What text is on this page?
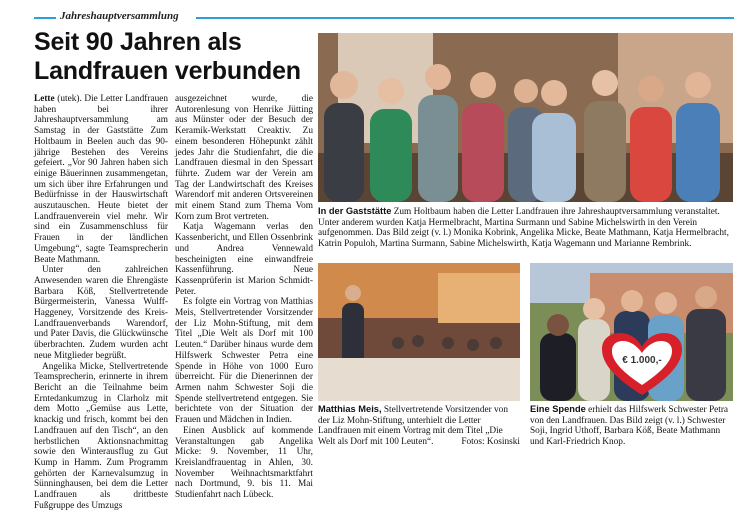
Jahreshauptversammlung
Seit 90 Jahren als
Landfrauen verbunden

Lette (utek). Die Letter Landfrauen haben bei ihrer Jahreshauptversammlung am Samstag in der Gaststätte Zum Holtbaum in Beelen auch das 90-jährige Bestehen des Vereins gefeiert. „Vor 90 Jahren haben sich einige Bäuerinnen zusammengetan, um sich über ihre Erfahrungen und Bedürfnisse in der Hauswirtschaft auszutauschen. Heute bietet der Landfrauenverein viel mehr. Wir sind ein Zusammenschluss für Frauen in der ländlichen Umgebung“, sagte Teamsprecherin Beate Mathmann.

Unter den zahlreichen Anwesenden waren die Ehrengäste Barbara Köß, Stellvertretende Bürgermeisterin, Vanessa Wulff-Haggeney, Vorsitzende des Kreis-Landfrauenverbands Warendorf, und Pater Davis, die Glückwünsche überbrachten. Zudem wurden acht neue Mitglieder begrüßt.

Angelika Micke, Stellvertretende Teamsprecherin, erinnerte in ihrem Bericht an die Teilnahme beim Erntedankumzug in Clarholz mit dem Motto „Gemüse aus Lette, knackig und frisch, kommt bei den Landfrauen auf den Tisch“, an den herbstlichen Aktionsnachmittag sowie den Winterausflug zu Gut Kump in Hamm. Zum Programm gehörten der Karnevalsumzug in Sünninghausen, bei dem die Letter Landfrauen als drittbeste Fußgruppe des Umzugs

ausgezeichnet wurde, die Autorenlesung von Henrike Jütting aus Münster oder der Besuch der Keramik-Werkstatt Creaktiv. Zu einem besonderen Höhepunkt zählt jedes Jahr die Studienfahrt, die die Landfrauen diesmal in den Spessart führte. Zudem war der Verein am Tag der Landwirtschaft des Kreises Warendorf mit anderen Ortsvereinen mit einem Stand zum Thema Vom Korn zum Brot vertreten.

Katja Wagemann verlas den Kassenbericht, und Ellen Ossenbrink und Andrea Vennewald bescheinigten eine einwandfreie Kassenführung. Neue Kassenprüferin ist Marion Schmidt-Peter.

Es folgte ein Vortrag von Matthias Meis, Stellvertretender Vorsitzender der Liz Mohn-Stiftung, mit dem Titel „Die Welt als Dorf mit 100 Leuten.“ Darüber hinaus wurde dem Hilfswerk Schwester Petra eine Spende in Höhe von 1000 Euro überreicht. Für die Dienerinnen der Armen nahm Schwester Soji die Spende stellvertretend entgegen. Sie berichtete von der Situation der Frauen und Mädchen in Indien.

Einen Ausblick auf kommende Veranstaltungen gab Angelika Micke: 9. November, 11 Uhr, Kreislandfrauentag in Ahlen, 30. November Weihnachtsmarktfahrt nach Dortmund, 9. bis 11. Mai Studienfahrt nach Lübeck.

In der Gaststätte Zum Holtbaum haben die Letter Landfrauen ihre Jahreshauptversammlung veranstaltet. Unter anderem wurden Katja Hermelbracht, Martina Surmann und Sabine Michelswirth in den Verein aufgenommen. Das Bild zeigt (v. l.) Monika Kobrink, Angelika Micke, Beate Mathmann, Katja Hermelbracht, Katrin Populoh, Martina Surmann, Sabine Michelswirth, Katja Wagemann und Marianne Rembrink.
Matthias Meis, Stellvertretende Vorsitzender von der Liz Mohn-Stiftung, unterhielt die Letter Landfrauen mit einem Vortrag mit dem Titel „Die Welt als Dorf mit 100 Leuten“.	Fotos: Kosinski
€ 1.000,-
Eine Spende erhielt das Hilfswerk Schwester Petra von den Landfrauen. Das Bild zeigt (v. l.) Schwester Soji, Ingrid Uthoff, Barbara Köß, Beate Mathmann und Karl-Friedrich Knop.
